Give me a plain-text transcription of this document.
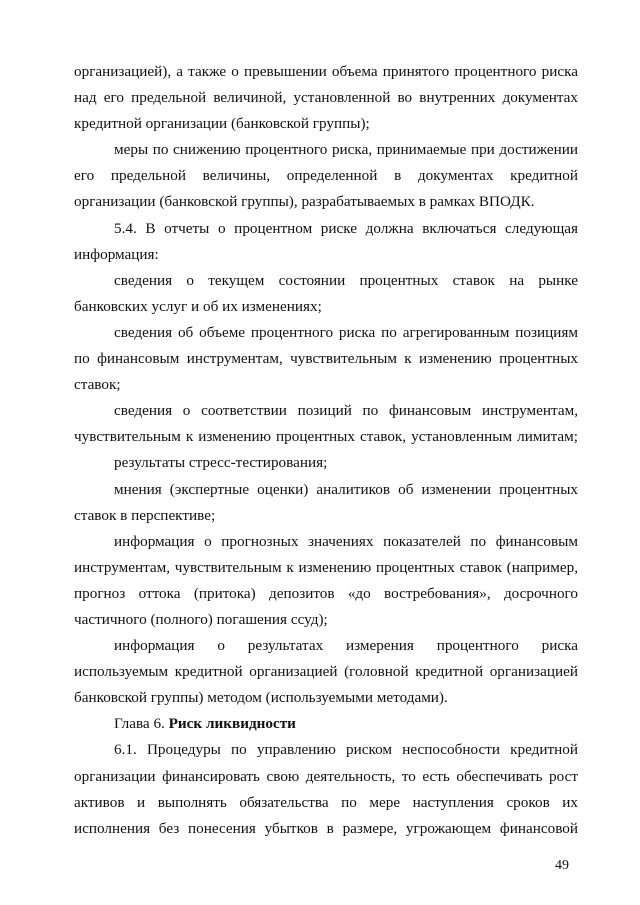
организацией), а также о превышении объема принятого процентного риска
над его предельной величиной, установленной во внутренних документах
кредитной организации (банковской группы);
меры по снижению процентного риска, принимаемые при достижении
его предельной величины, определенной в документах кредитной
организации (банковской группы), разрабатываемых в рамках ВПОДК.
5.4. В отчеты о процентном риске должна включаться следующая
информация:
сведения о текущем состоянии процентных ставок на рынке
банковских услуг и об их изменениях;
сведения об объеме процентного риска по агрегированным позициям
по финансовым инструментам, чувствительным к изменению процентных
ставок;
сведения о соответствии позиций по финансовым инструментам,
чувствительным к изменению процентных ставок, установленным лимитам;
результаты стресс-тестирования;
мнения (экспертные оценки) аналитиков об изменении процентных
ставок в перспективе;
информация о прогнозных значениях показателей по финансовым
инструментам, чувствительным к изменению процентных ставок (например,
прогноз оттока (притока) депозитов «до востребования», досрочного
частичного (полного) погашения ссуд);
информация о результатах измерения процентного риска
используемым кредитной организацией (головной кредитной организацией
банковской группы) методом (используемыми методами).
Глава 6. Риск ликвидности
6.1. Процедуры по управлению риском неспособности кредитной
организации финансировать свою деятельность, то есть обеспечивать рост
активов и выполнять обязательства по мере наступления сроков их
исполнения без понесения убытков в размере, угрожающем финансовой
49
